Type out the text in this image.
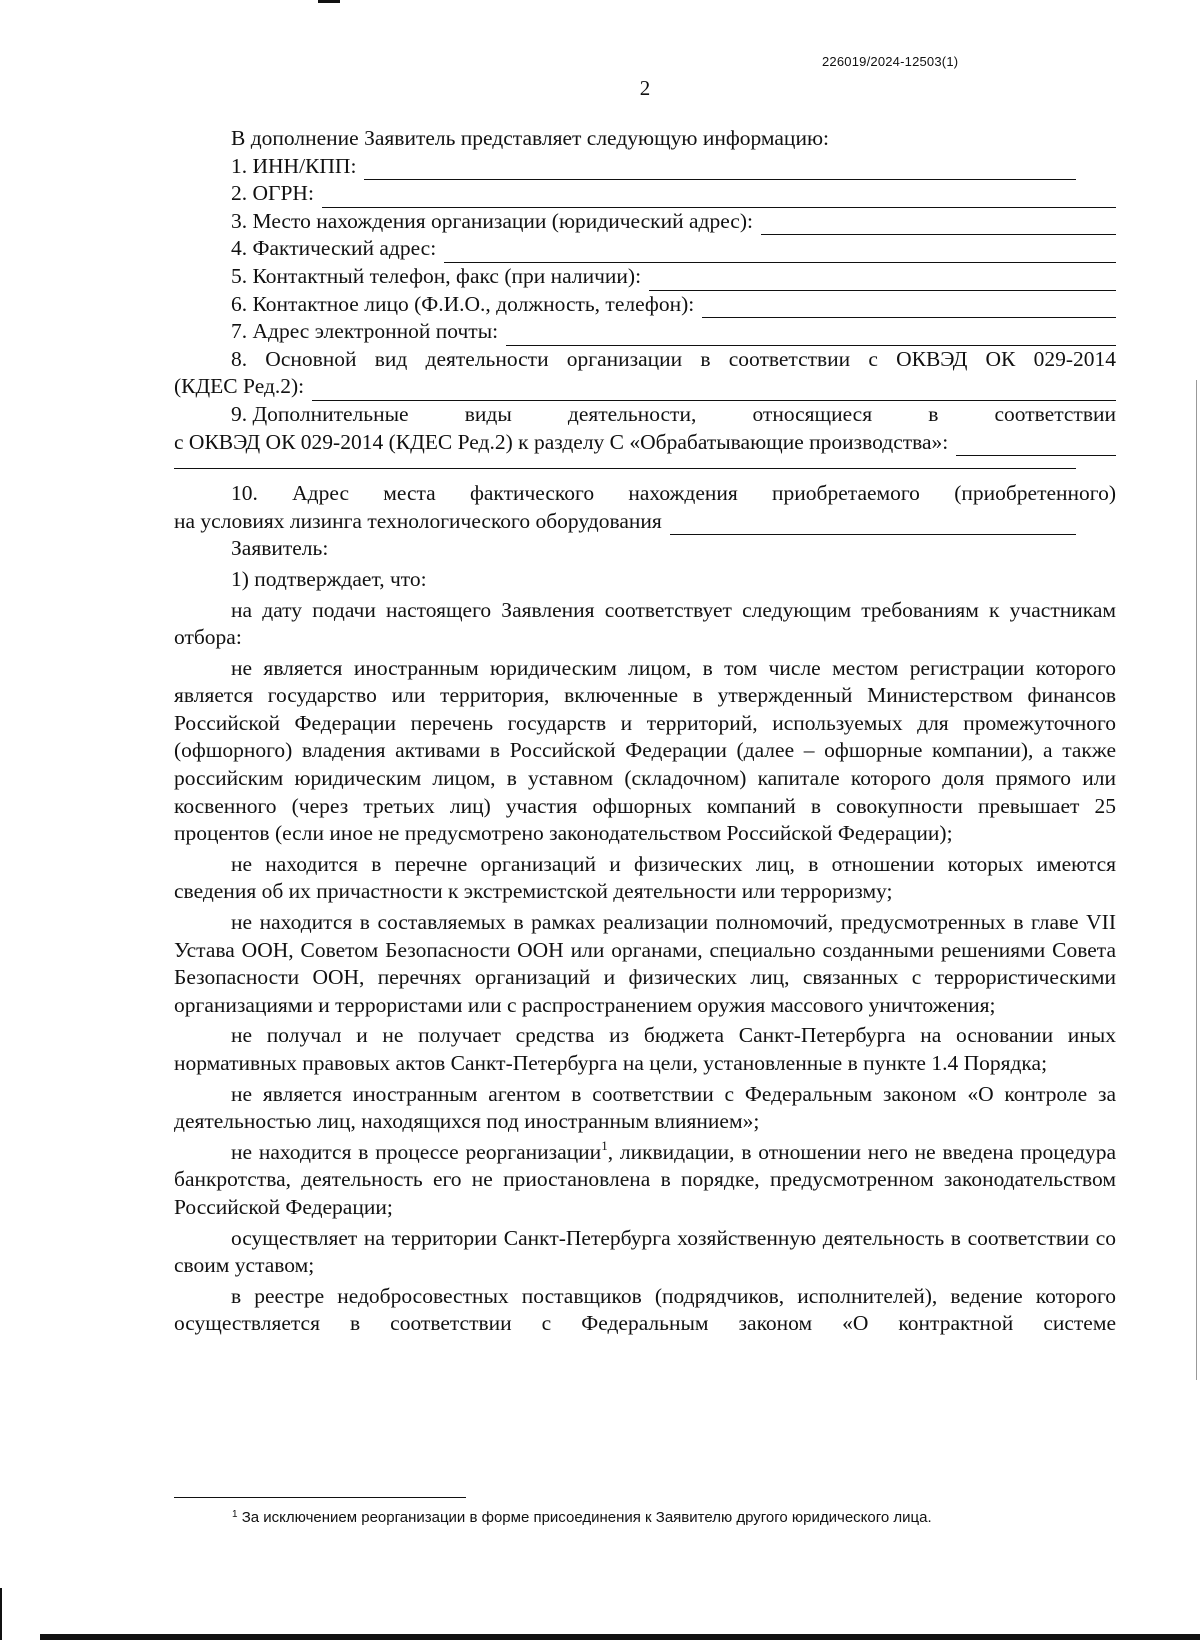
226019/2024-12503(1)
2

В дополнение Заявитель представляет следующую информацию:

1. ИНН/КПП:
2. ОГРН:
3. Место нахождения организации (юридический адрес):
4. Фактический адрес:
5. Контактный телефон, факс (при наличии):
6. Контактное лицо (Ф.И.О., должность, телефон):
7. Адрес электронной почты:

8. Основной вид деятельности организации в соответствии с ОКВЭД ОК 029-2014

(КДЕС Ред.2):
9. Дополнительные	виды	деятельности,	относящиеся	в	соответствии
с ОКВЭД ОК 029-2014 (КДЕС Ред.2) к разделу С «Обрабатывающие производства»:

10. Адрес места фактического нахождения приобретаемого (приобретенного)

на условиях лизинга технологического оборудования

Заявитель:

1) подтверждает, что:

на дату подачи настоящего Заявления соответствует следующим требованиям к участникам отбора:

не является иностранным юридическим лицом, в том числе местом регистрации которого является государство или территория, включенные в утвержденный Министерством финансов Российской Федерации перечень государств и территорий, используемых для промежуточного (офшорного) владения активами в Российской Федерации (далее – офшорные компании), а также российским юридическим лицом, в уставном (складочном) капитале которого доля прямого или косвенного (через третьих лиц) участия офшорных компаний в совокупности превышает 25 процентов (если иное не предусмотрено законодательством Российской Федерации);

не находится в перечне организаций и физических лиц, в отношении которых имеются сведения об их причастности к экстремистской деятельности или терроризму;

не находится в составляемых в рамках реализации полномочий, предусмотренных в главе VII Устава ООН, Советом Безопасности ООН или органами, специально созданными решениями Совета Безопасности ООН, перечнях организаций и физических лиц, связанных с террористическими организациями и террористами или с распространением оружия массового уничтожения;

не получал и не получает средства из бюджета Санкт-Петербурга на основании иных нормативных правовых актов Санкт-Петербурга на цели, установленные в пункте 1.4 Порядка;

не является иностранным агентом в соответствии с Федеральным законом «О контроле за деятельностью лиц, находящихся под иностранным влиянием»;

не находится в процессе реорганизации$^1$, ликвидации, в отношении него не введена процедура банкротства, деятельность его не приостановлена в порядке, предусмотренном законодательством Российской Федерации;

осуществляет на территории Санкт-Петербурга хозяйственную деятельность в соответствии со своим уставом;

в реестре недобросовестных поставщиков (подрядчиков, исполнителей), ведение которого осуществляется в соответствии с Федеральным законом «О контрактной системе

$^1$ За исключением реорганизации в форме присоединения к Заявителю другого юридического лица.
